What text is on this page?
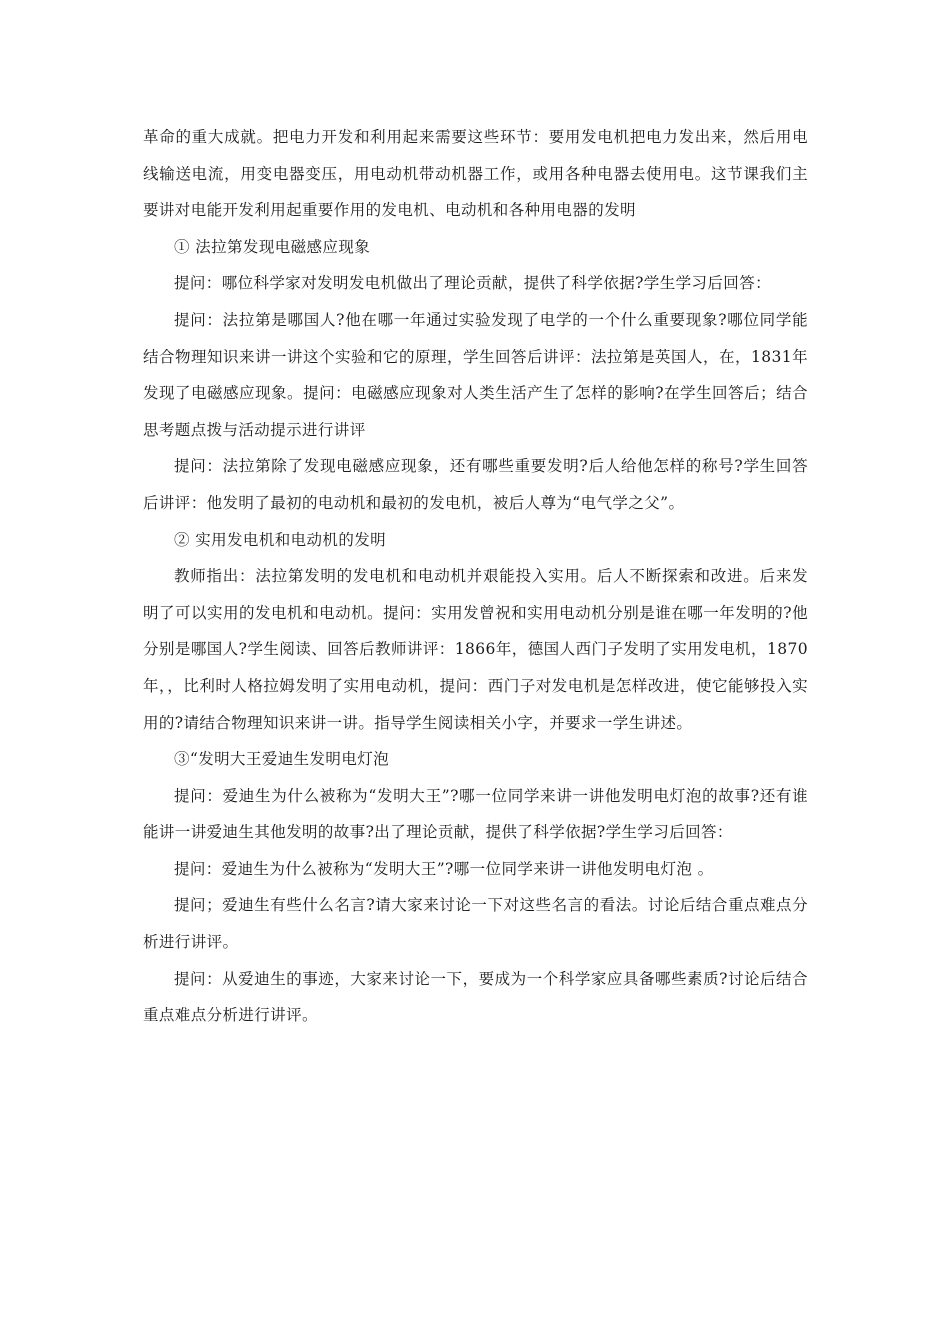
革命的重大成就。把电力开发和利用起来需要这些环节：要用发电机把电力发出来，然后用电线输送电流，用变电器变压，用电动机带动机器工作，或用各种电器去使用电。这节课我们主要讲对电能开发利用起重要作用的发电机、电动机和各种用电器的发明

① 法拉第发现电磁感应现象

提问：哪位科学家对发明发电机做出了理论贡献，提供了科学依据?学生学习后回答：

提问：法拉第是哪国人?他在哪一年通过实验发现了电学的一个什么重要现象?哪位同学能结合物理知识来讲一讲这个实验和它的原理，学生回答后讲评：法拉第是英国人，在，1831年发现了电磁感应现象。提问：电磁感应现象对人类生活产生了怎样的影响?在学生回答后；结合思考题点拨与活动提示进行讲评

提问：法拉第除了发现电磁感应现象，还有哪些重要发明?后人给他怎样的称号?学生回答后讲评：他发明了最初的电动机和最初的发电机，被后人尊为“电气学之父”。

② 实用发电机和电动机的发明

教师指出：法拉第发明的发电机和电动机并艰能投入实用。后人不断探索和改进。后来发明了可以实用的发电机和电动机。提问：实用发曾祝和实用电动机分别是谁在哪一年发明的?他分别是哪国人?学生阅读、回答后教师讲评：1866年，德国人西门子发明了实用发电机，1870年，，比利时人格拉姆发明了实用电动机，提问：西门子对发电机是怎样改进，使它能够投入实用的?请结合物理知识来讲一讲。指导学生阅读相关小字，并要求一学生讲述。

③“发明大王爱迪生发明电灯泡

提问：爱迪生为什么被称为“发明大王”?哪一位同学来讲一讲他发明电灯泡的故事?还有谁能讲一讲爱迪生其他发明的故事?出了理论贡献，提供了科学依据?学生学习后回答：

提问：爱迪生为什么被称为“发明大王”?哪一位同学来讲一讲他发明电灯泡 。

提问；爱迪生有些什么名言?请大家来讨论一下对这些名言的看法。讨论后结合重点难点分析进行讲评。

提问：从爱迪生的事迹，大家来讨论一下，要成为一个科学家应具备哪些素质?讨论后结合重点难点分析进行讲评。
